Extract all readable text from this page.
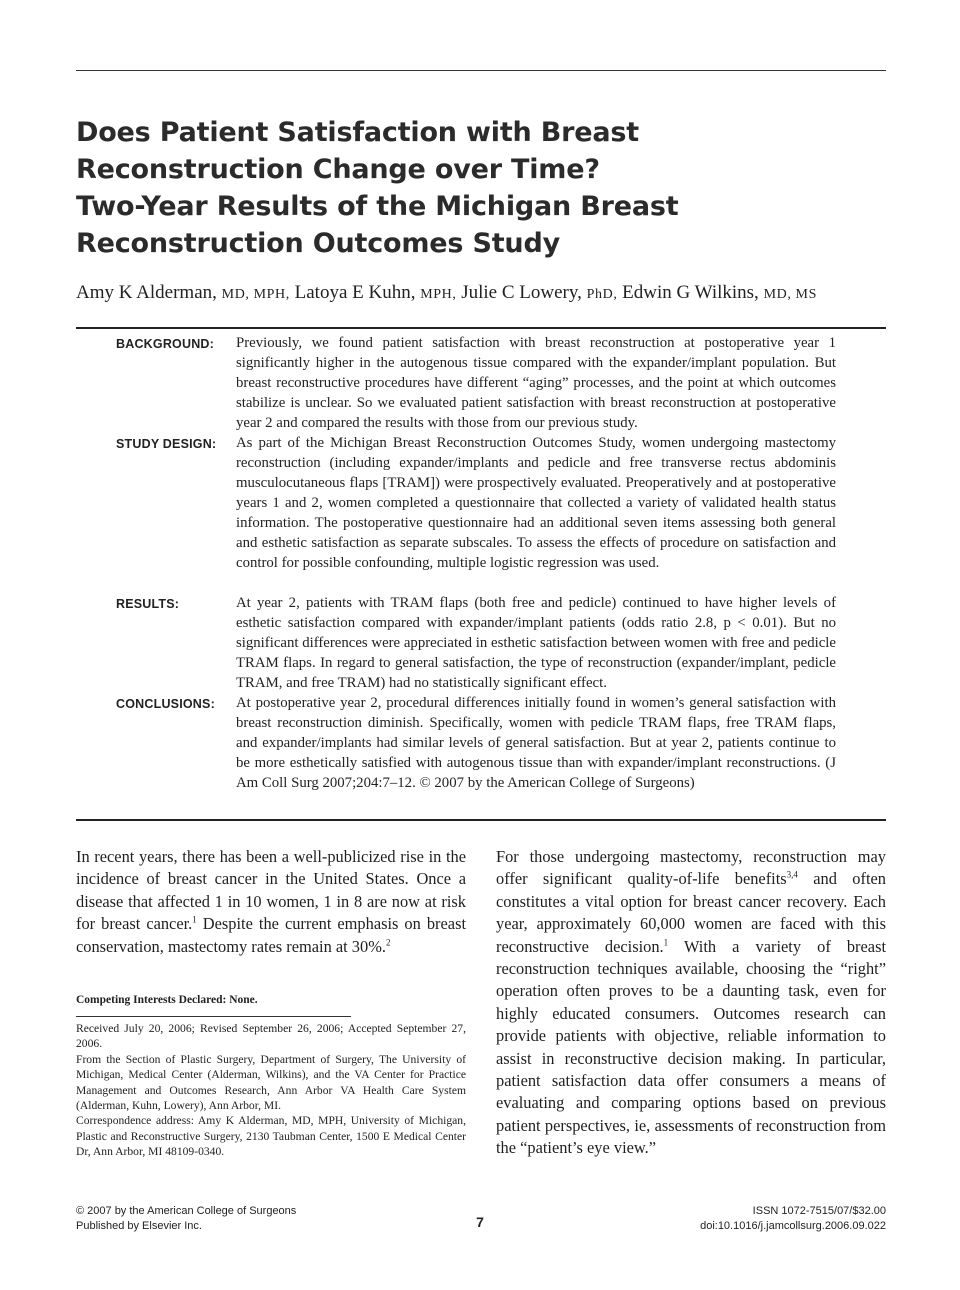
Does Patient Satisfaction with Breast
Reconstruction Change over Time?
Two-Year Results of the Michigan Breast
Reconstruction Outcomes Study
Amy K Alderman, MD, MPH, Latoya E Kuhn, MPH, Julie C Lowery, PhD, Edwin G Wilkins, MD, MS
BACKGROUND: Previously, we found patient satisfaction with breast reconstruction at postoperative year 1 significantly higher in the autogenous tissue compared with the expander/implant population. But breast reconstructive procedures have different “aging” processes, and the point at which outcomes stabilize is unclear. So we evaluated patient satisfaction with breast reconstruction at postoperative year 2 and compared the results with those from our previous study.

STUDY DESIGN: As part of the Michigan Breast Reconstruction Outcomes Study, women undergoing mastectomy reconstruction (including expander/implants and pedicle and free transverse rectus abdominis musculocutaneous flaps [TRAM]) were prospectively evaluated. Preoperatively and at postoperative years 1 and 2, women completed a questionnaire that collected a variety of validated health status information. The postoperative questionnaire had an additional seven items assessing both general and esthetic satisfaction as separate subscales. To assess the effects of procedure on satisfaction and control for possible confounding, multiple logistic regression was used.

RESULTS:	At year 2, patients with TRAM flaps (both free and pedicle) continued to have higher levels of esthetic satisfaction compared with expander/implant patients (odds ratio 2.8, p < 0.01). But no significant differences were appreciated in esthetic satisfaction between women with free and pedicle TRAM flaps. In regard to general satisfaction, the type of reconstruction (expander/implant, pedicle TRAM, and free TRAM) had no statistically significant effect.

CONCLUSIONS: At postoperative year 2, procedural differences initially found in women’s general satisfaction with breast reconstruction diminish. Specifically, women with pedicle TRAM flaps, free TRAM flaps, and expander/implants had similar levels of general satisfaction. But at year 2, patients continue to be more esthetically satisfied with autogenous tissue than with expander/implant reconstructions. (J Am Coll Surg 2007;204:7–12. © 2007 by the American College of Surgeons)

In recent years, there has been a well-publicized rise in the incidence of breast cancer in the United States. Once a disease that affected 1 in 10 women, 1 in 8 are now at risk for breast cancer.$^1$ Despite the current emphasis on breast conservation, mastectomy rates remain at 30%.$^2$

Competing Interests Declared: None.

Received July 20, 2006; Revised September 26, 2006; Accepted September 27, 2006.

From the Section of Plastic Surgery, Department of Surgery, The University of Michigan, Medical Center (Alderman, Wilkins), and the VA Center for Practice Management and Outcomes Research, Ann Arbor VA Health Care System (Alderman, Kuhn, Lowery), Ann Arbor, MI.

Correspondence address: Amy K Alderman, MD, MPH, University of Michigan, Plastic and Reconstructive Surgery, 2130 Taubman Center, 1500 E Medical Center Dr, Ann Arbor, MI 48109-0340.

For those undergoing mastectomy, reconstruction may offer significant quality-of-life benefits$^{3,4}$ and often constitutes a vital option for breast cancer recovery. Each year, approximately 60,000 women are faced with this reconstructive decision.$^1$ With a variety of breast reconstruction techniques available, choosing the “right” operation often proves to be a daunting task, even for highly educated consumers. Outcomes research can provide patients with objective, reliable information to assist in reconstructive decision making. In particular, patient satisfaction data offer consumers a means of evaluating and comparing options based on previous patient perspectives, ie, assessments of reconstruction from the “patient’s eye view.”

© 2007 by the American College of Surgeons
Published by Elsevier Inc.	7
ISSN 1072-7515/07/$32.00
doi:10.1016/j.jamcollsurg.2006.09.022
